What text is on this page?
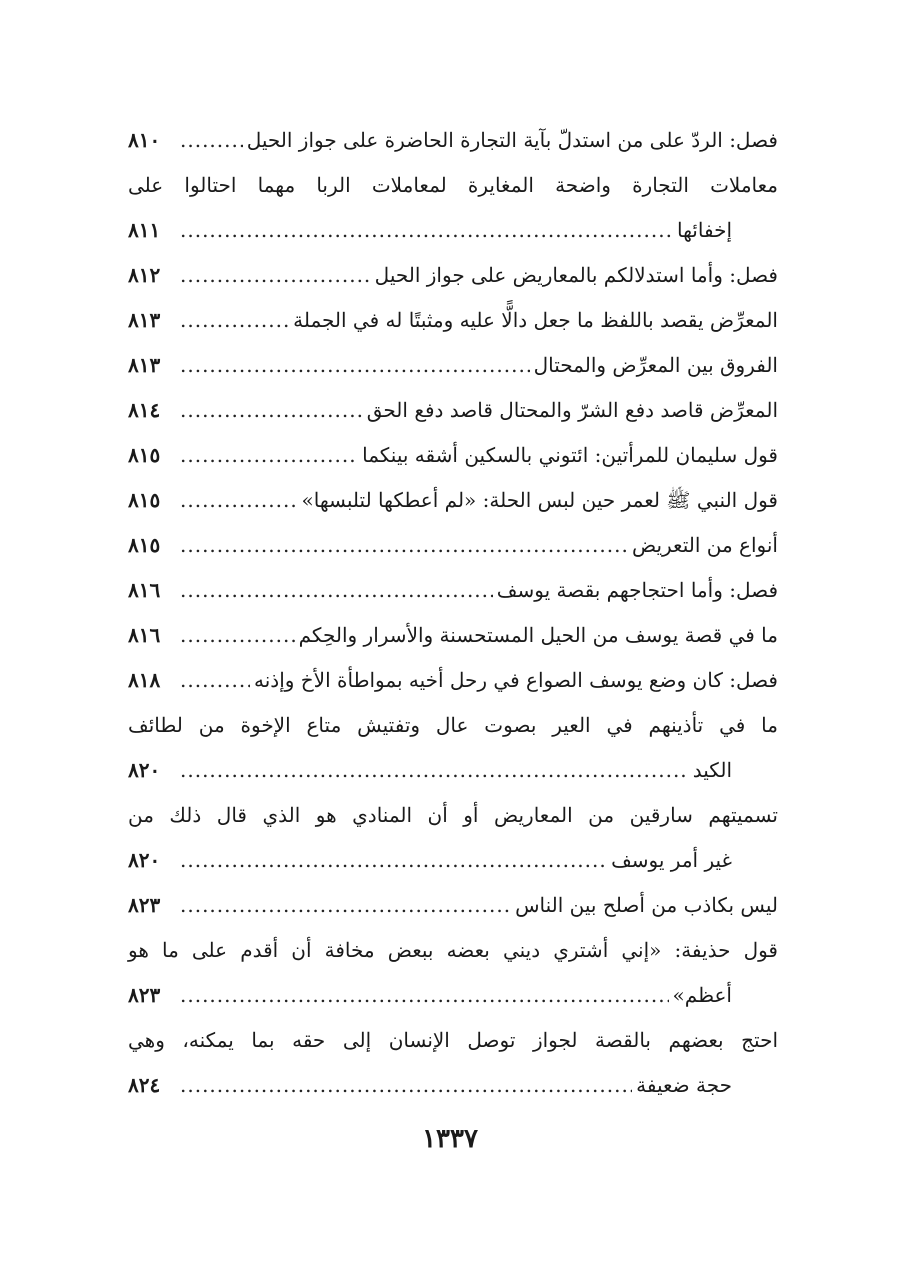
فصل: الردّ على من استدلّ بآية التجارة الحاضرة على جواز الحيل
.....
٨١٠
معاملات التجارة واضحة المغايرة لمعاملات الربا مهما احتالوا على
إخفائها
.....
٨١١
فصل: وأما استدلالكم بالمعاريض على جواز الحيل
.....
٨١٢
المعرِّض يقصد باللفظ ما جعل دالًّا عليه ومثبتًا له في الجملة
.....
٨١٣
الفروق بين المعرِّض والمحتال
.....
٨١٣
المعرِّض قاصد دفع الشرّ والمحتال قاصد دفع الحق
.....
٨١٤
قول سليمان للمرأتين: ائتوني بالسكين أشقه بينكما
.....
٨١٥
قول النبي ﷺ لعمر حين لبس الحلة: «لم أعطكها لتلبسها»
.....
٨١٥
أنواع من التعريض
.....
٨١٥
فصل: وأما احتجاجهم بقصة يوسف
.....
٨١٦
ما في قصة يوسف من الحيل المستحسنة والأسرار والحِكم
.....
٨١٦
فصل: كان وضع يوسف الصواع في رحل أخيه بمواطأة الأخ وإذنه
.....
٨١٨
ما في تأذينهم في العير بصوت عال وتفتيش متاع الإخوة من لطائف
الكيد
.....
٨٢٠
تسميتهم سارقين من المعاريض أو أن المنادي هو الذي قال ذلك من
غير أمر يوسف
.....
٨٢٠
ليس بكاذب من أصلح بين الناس
.....
٨٢٣
قول حذيفة: «إني أشتري ديني بعضه ببعض مخافة أن أقدم على ما هو
أعظم»
.....
٨٢٣
احتج بعضهم بالقصة لجواز توصل الإنسان إلى حقه بما يمكنه، وهي
حجة ضعيفة
.....
٨٢٤
١٣٣٧
